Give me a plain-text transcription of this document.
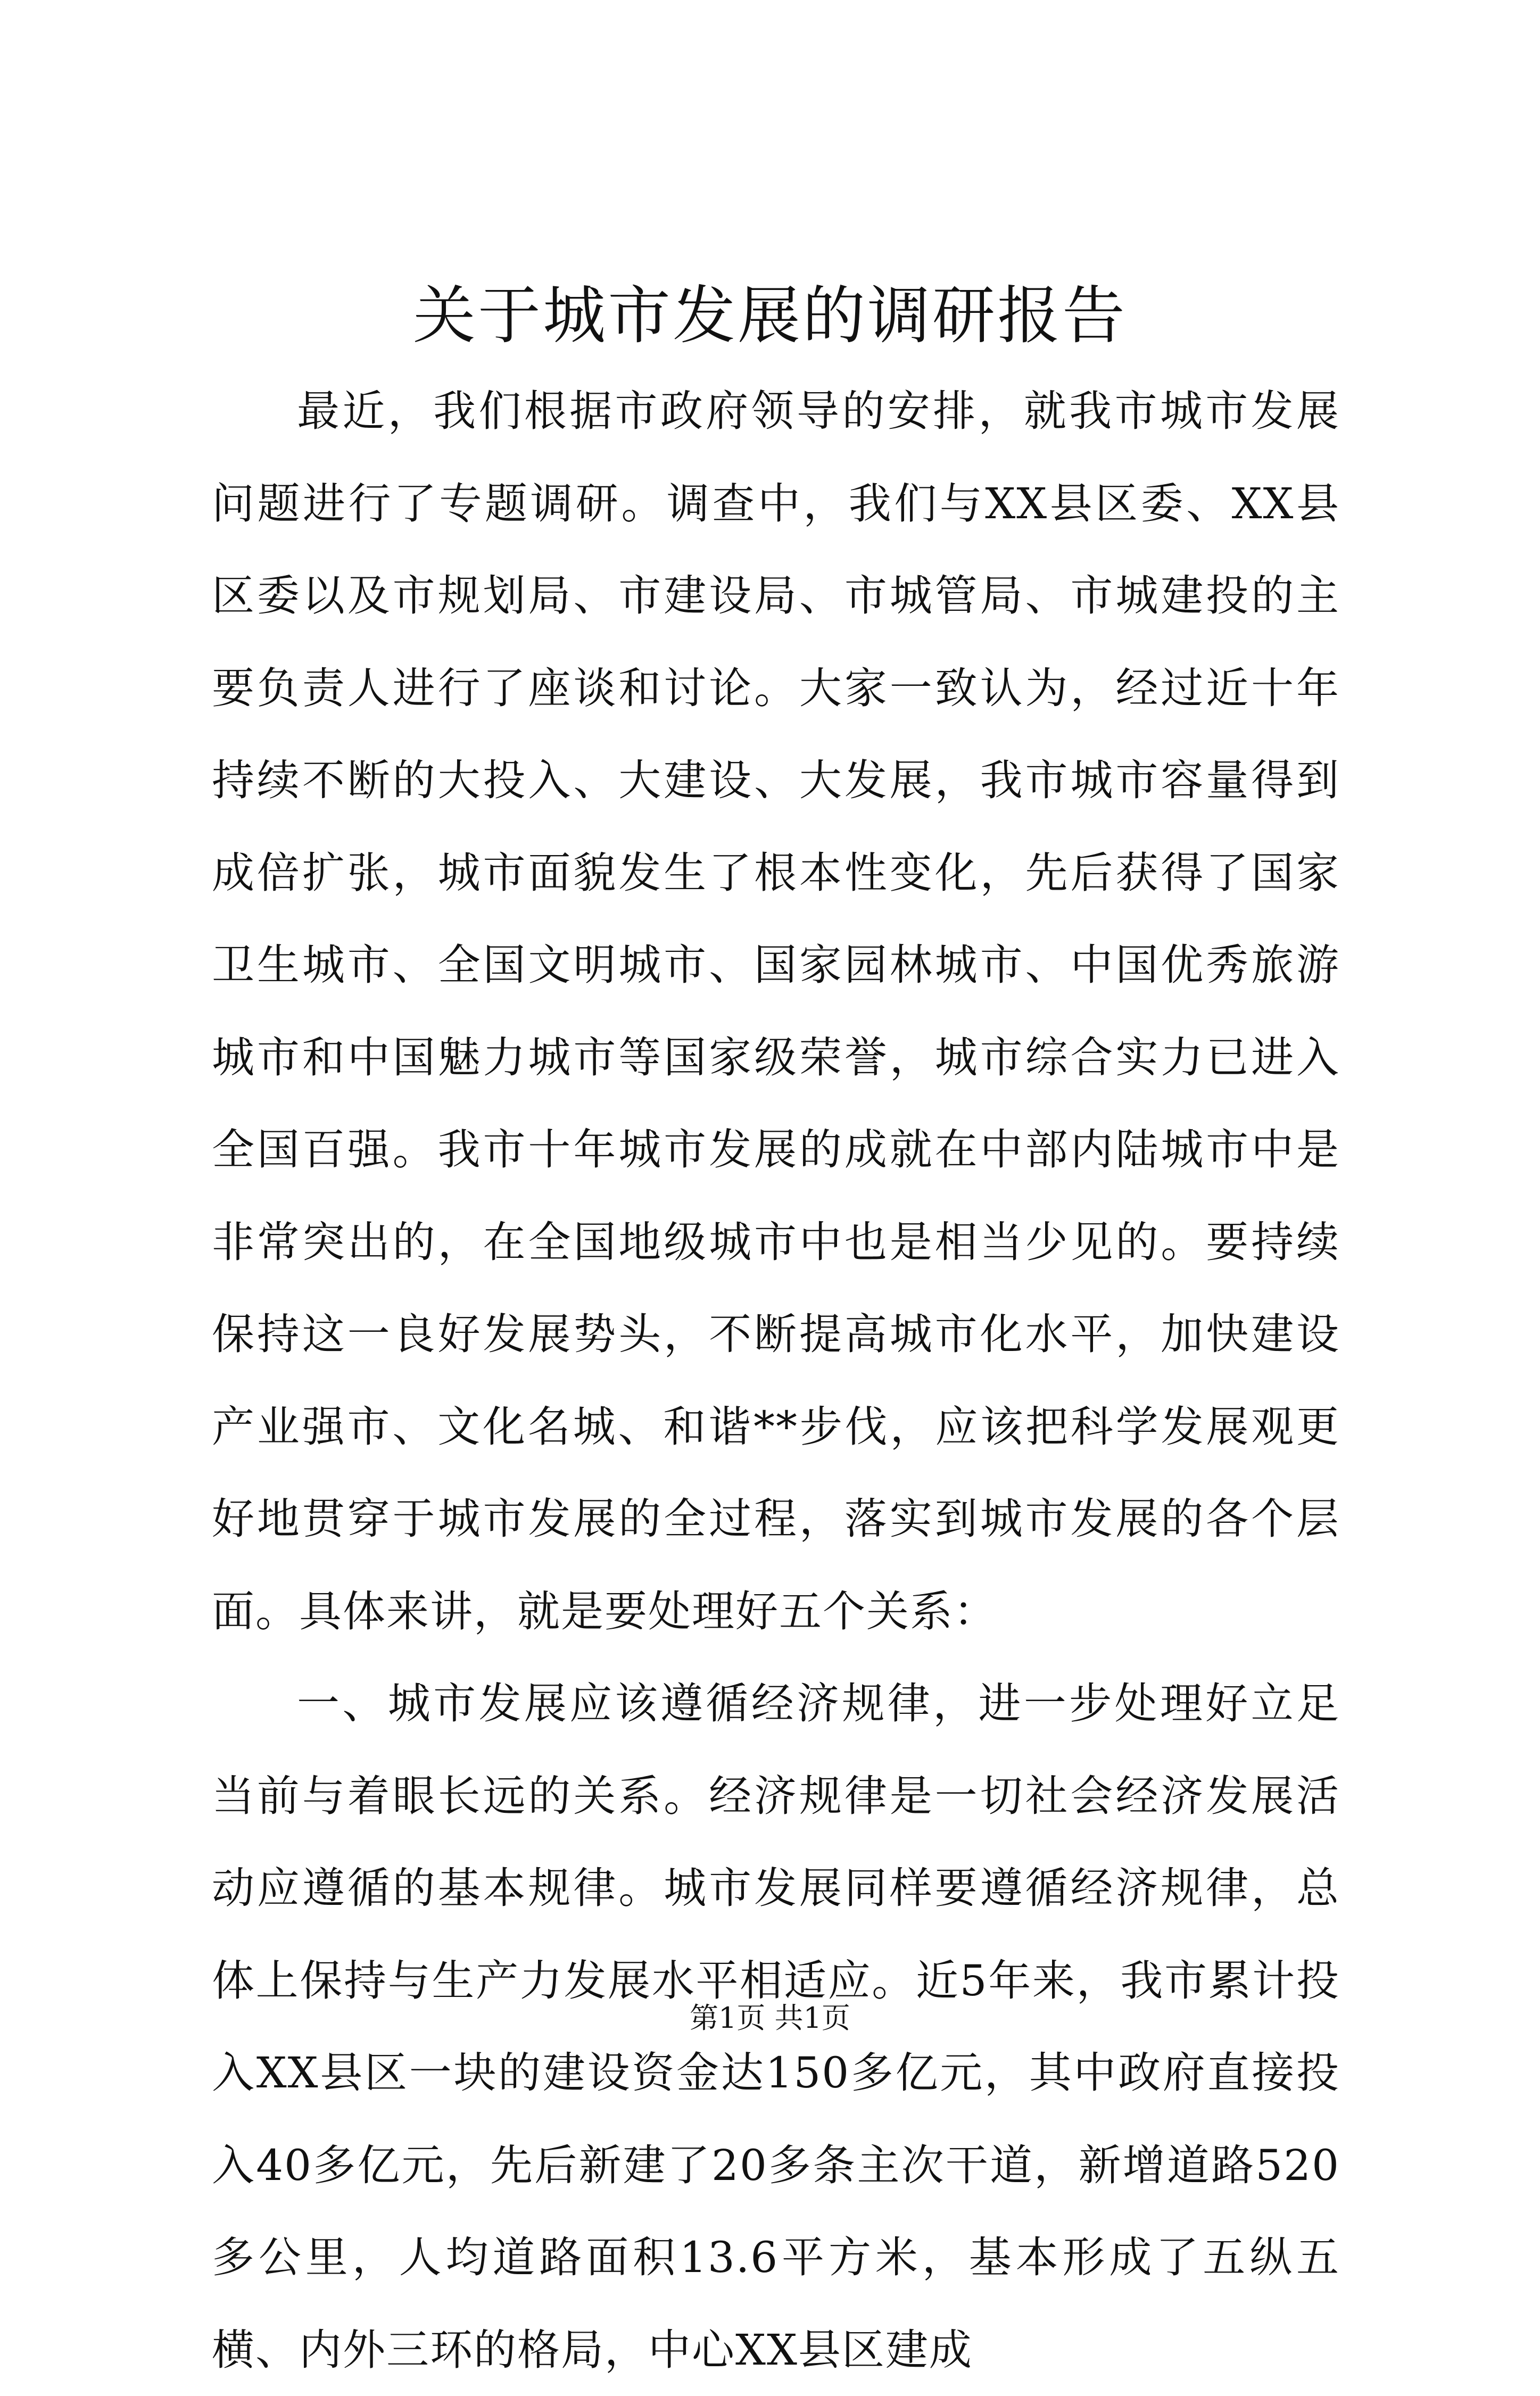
关于城市发展的调研报告

最近，我们根据市政府领导的安排，就我市城市发展问题进行了专题调研。调查中，我们与XX县区委、XX县区委以及市规划局、市建设局、市城管局、市城建投的主要负责人进行了座谈和讨论。大家一致认为，经过近十年持续不断的大投入、大建设、大发展，我市城市容量得到成倍扩张，城市面貌发生了根本性变化，先后获得了国家卫生城市、全国文明城市、国家园林城市、中国优秀旅游城市和中国魅力城市等国家级荣誉，城市综合实力已进入全国百强。我市十年城市发展的成就在中部内陆城市中是非常突出的，在全国地级城市中也是相当少见的。要持续保持这一良好发展势头，不断提高城市化水平，加快建设产业强市、文化名城、和谐**步伐，应该把科学发展观更好地贯穿于城市发展的全过程，落实到城市发展的各个层面。具体来讲，就是要处理好五个关系：

一、城市发展应该遵循经济规律，进一步处理好立足当前与着眼长远的关系。经济规律是一切社会经济发展活动应遵循的基本规律。城市发展同样要遵循经济规律，总体上保持与生产力发展水平相适应。近5年来，我市累计投入XX县区一块的建设资金达150多亿元，其中政府直接投入40多亿元，先后新建了20多条主次干道，新增道路520多公里，人均道路面积13.6平方米，基本形成了五纵五横、内外三环的格局，中心XX县区建成

第1页 共1页
